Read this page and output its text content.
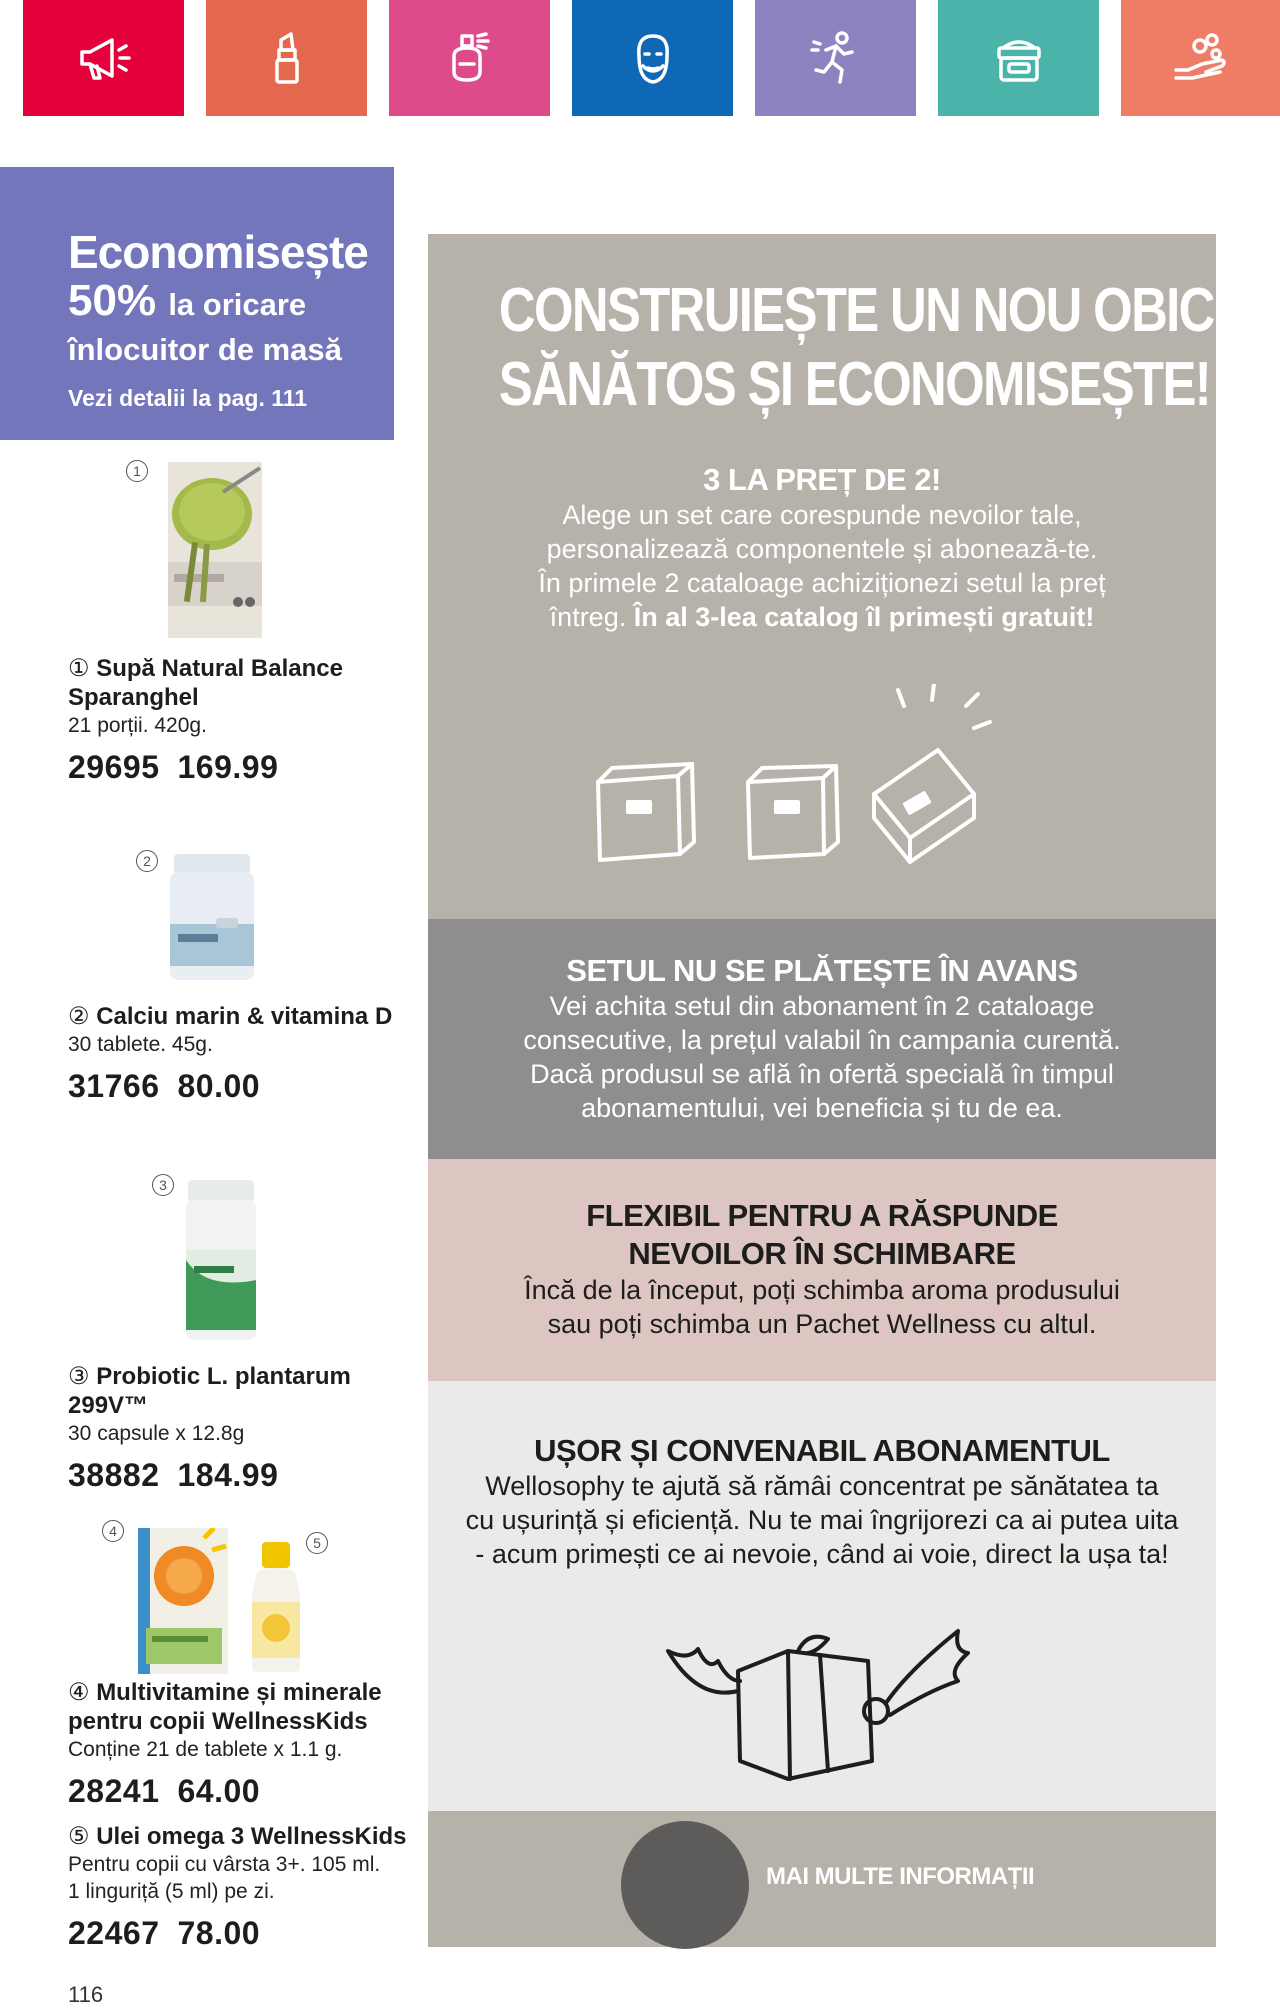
Economisește
50% la oricare
înlocuitor de masă
Vezi detalii la pag. 111
1
① Supă Natural Balance Sparanghel
21 porții. 420g.
29695 169.99
2
② Calciu marin & vitamina D
30 tablete. 45g.
31766 80.00
3
③ Probiotic L. plantarum 299V™
30 capsule x 12.8g
38882 184.99
4
5
④ Multivitamine și minerale pentru copii WellnessKids
Conține 21 de tablete x 1.1 g.
28241 64.00
⑤ Ulei omega 3 WellnessKids
Pentru copii cu vârsta 3+. 105 ml.
1 linguriță (5 ml) pe zi.
22467 78.00
CONSTRUIEȘTE UN NOU OBICEI
SĂNĂTOS ȘI ECONOMISEȘTE!
3 LA PREȚ DE 2!
Alege un set care corespunde nevoilor tale,
personalizează componentele și abonează-te.
În primele 2 cataloage achiziționezi setul la preț
întreg. În al 3-lea catalog îl primești gratuit!
SETUL NU SE PLĂTEȘTE ÎN AVANS
Vei achita setul din abonament în 2 cataloage
consecutive, la prețul valabil în campania curentă.
Dacă produsul se află în ofertă specială în timpul
abonamentului, vei beneficia și tu de ea.
FLEXIBIL PENTRU A RĂSPUNDE
NEVOILOR ÎN SCHIMBARE
Încă de la început, poți schimba aroma produsului
sau poți schimba un Pachet Wellness cu altul.
UȘOR ȘI CONVENABIL ABONAMENTUL
Wellosophy te ajută să rămâi concentrat pe sănătatea ta
cu ușurință și eficiență. Nu te mai îngrijorezi ca ai putea uita
- acum primești ce ai nevoie, când ai voie, direct la ușa ta!
MAI MULTE INFORMAȚII
116
